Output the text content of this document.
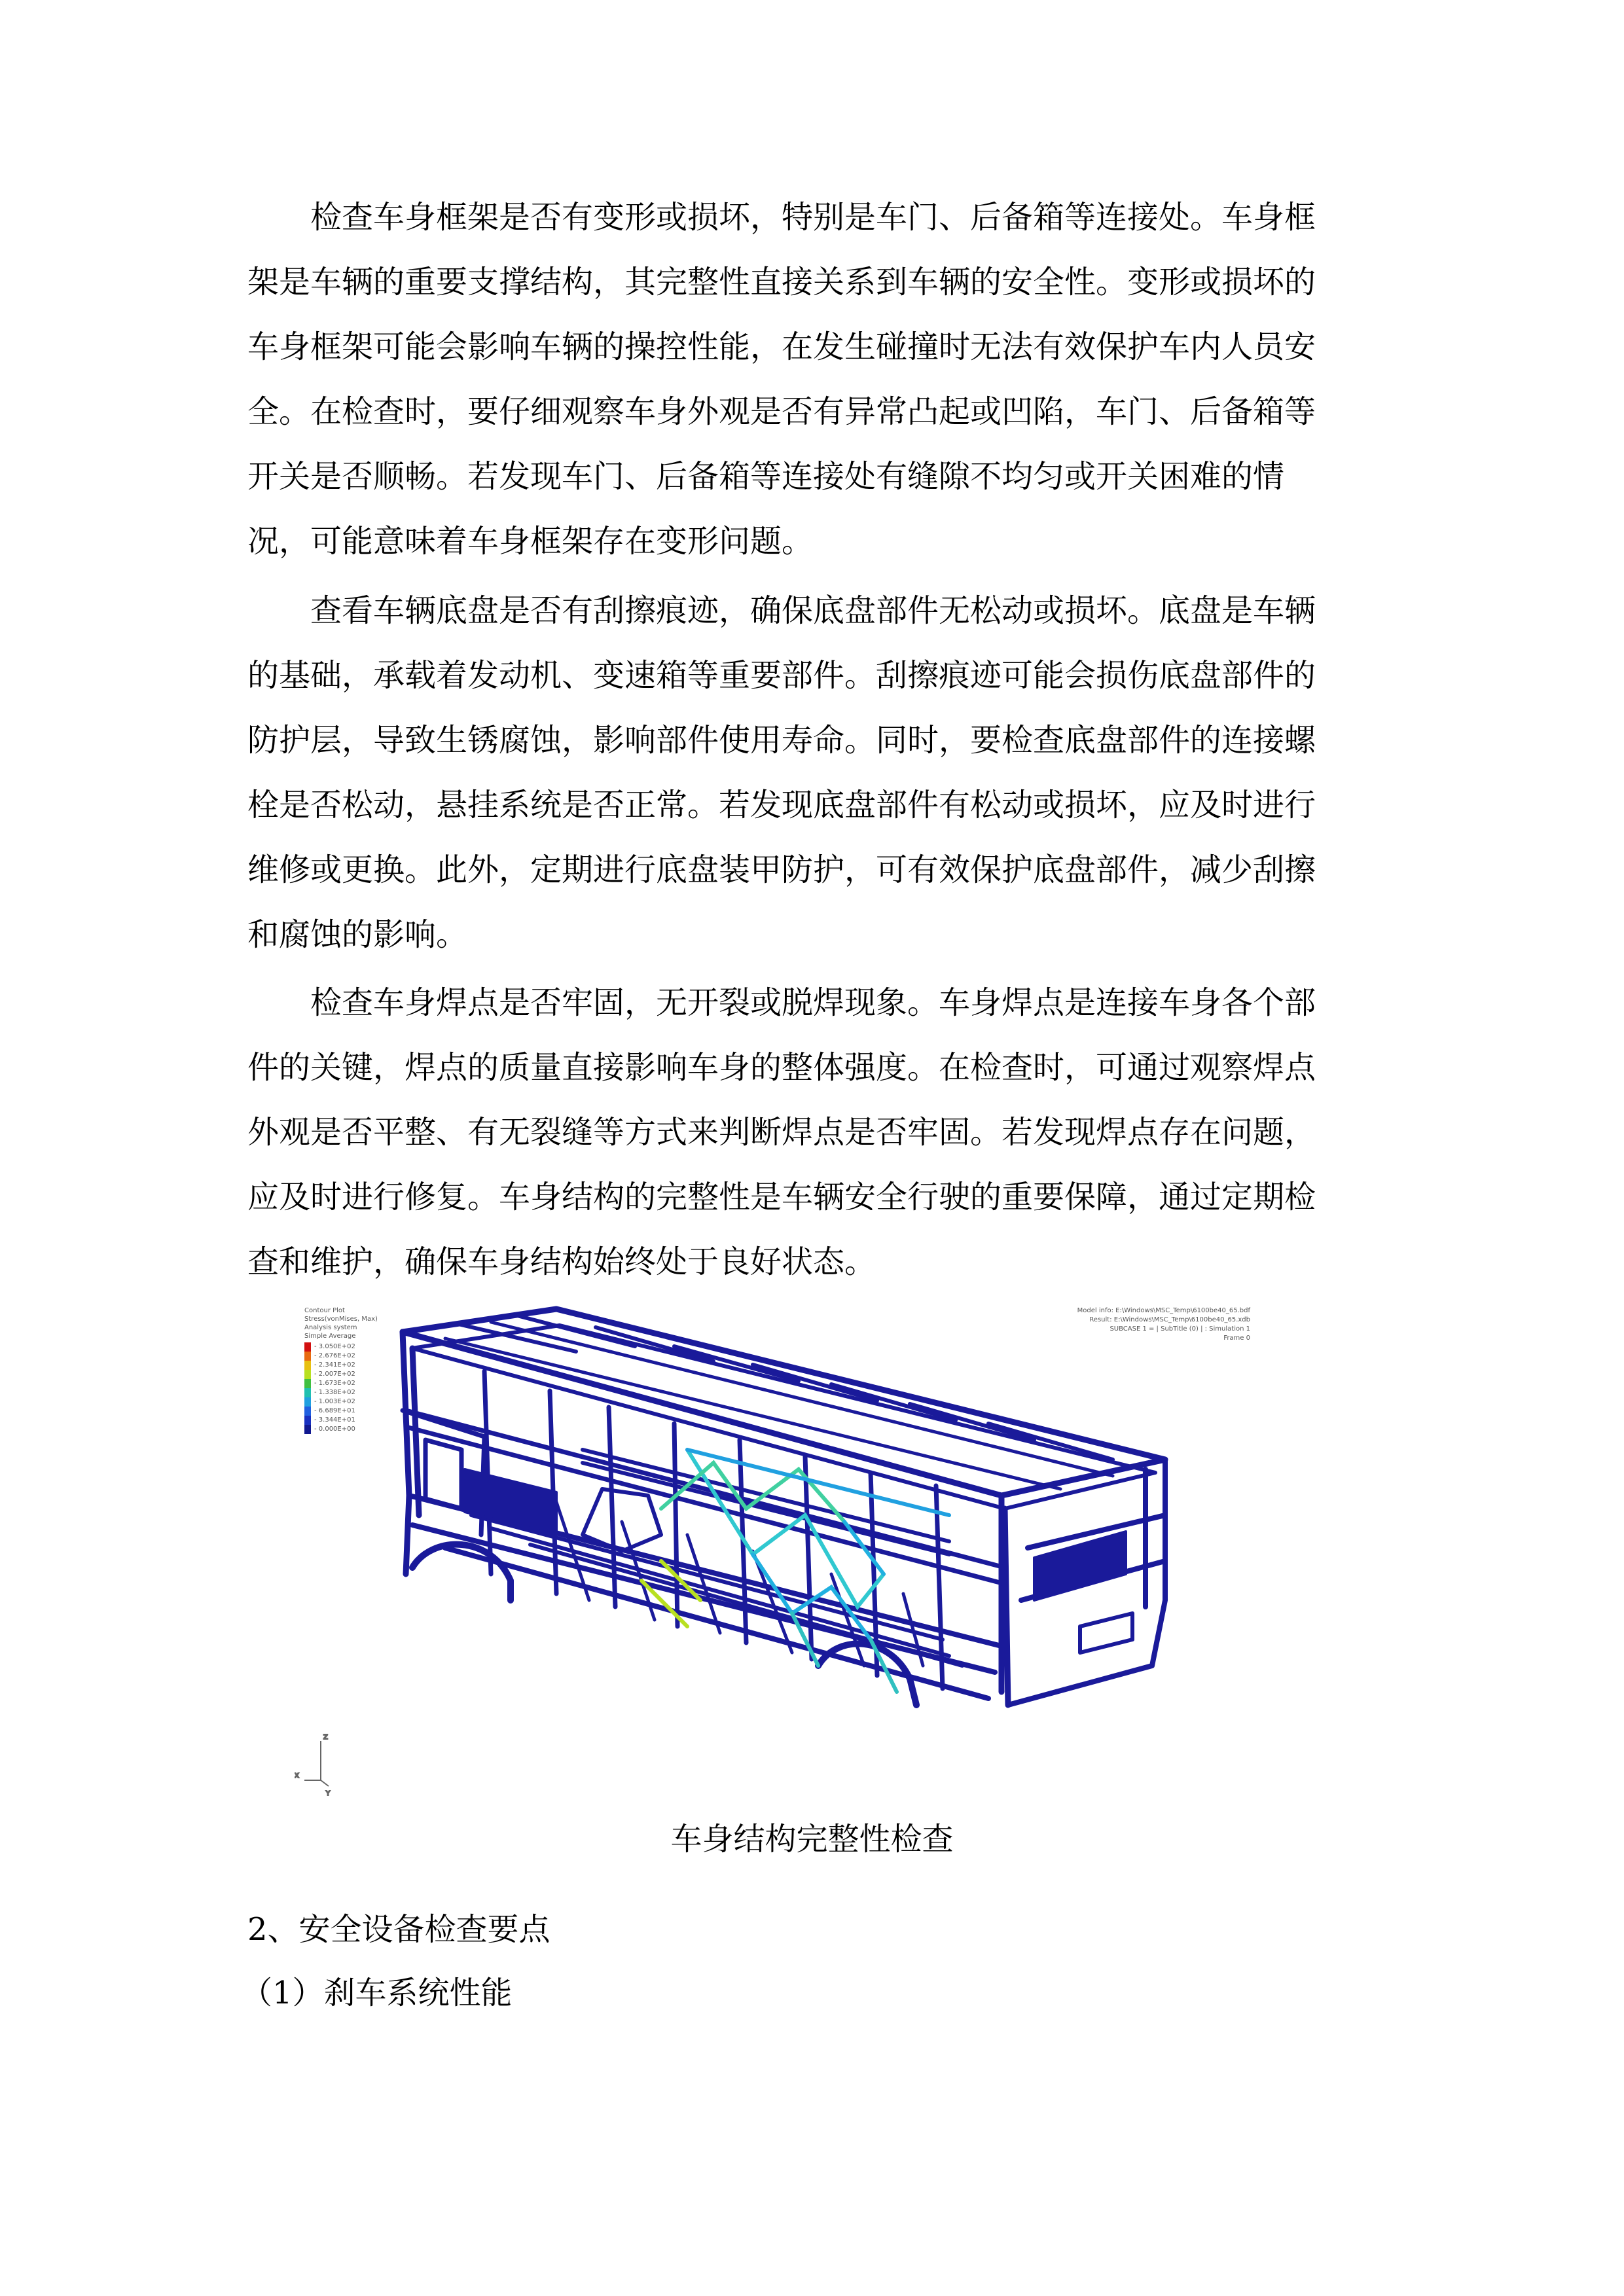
检查车身框架是否有变形或损坏，特别是车门、后备箱等连接处。车身框
架是车辆的重要支撑结构，其完整性直接关系到车辆的安全性。变形或损坏的
车身框架可能会影响车辆的操控性能，在发生碰撞时无法有效保护车内人员安
全。在检查时，要仔细观察车身外观是否有异常凸起或凹陷，车门、后备箱等
开关是否顺畅。若发现车门、后备箱等连接处有缝隙不均匀或开关困难的情
况，可能意味着车身框架存在变形问题。
查看车辆底盘是否有刮擦痕迹，确保底盘部件无松动或损坏。底盘是车辆
的基础，承载着发动机、变速箱等重要部件。刮擦痕迹可能会损伤底盘部件的
防护层，导致生锈腐蚀，影响部件使用寿命。同时，要检查底盘部件的连接螺
栓是否松动，悬挂系统是否正常。若发现底盘部件有松动或损坏，应及时进行
维修或更换。此外，定期进行底盘装甲防护，可有效保护底盘部件，减少刮擦
和腐蚀的影响。
检查车身焊点是否牢固，无开裂或脱焊现象。车身焊点是连接车身各个部
件的关键，焊点的质量直接影响车身的整体强度。在检查时，可通过观察焊点
外观是否平整、有无裂缝等方式来判断焊点是否牢固。若发现焊点存在问题，
应及时进行修复。车身结构的完整性是车辆安全行驶的重要保障，通过定期检
查和维护，确保车身结构始终处于良好状态。
Contour Plot
Stress(vonMises, Max)
Analysis system
Simple Average
- 3.050E+02
- 2.676E+02
- 2.341E+02
- 2.007E+02
- 1.673E+02
- 1.338E+02
- 1.003E+02
- 6.689E+01
- 3.344E+01
- 0.000E+00
Model info: E:\Windows\MSC_Temp\6100be40_65.bdf
Result: E:\Windows\MSC_Temp\6100be40_65.xdb
SUBCASE 1 = | SubTitle (0) | : Simulation 1
Frame 0
Z
X
Y
车身结构完整性检查
2、安全设备检查要点
（1）刹车系统性能
